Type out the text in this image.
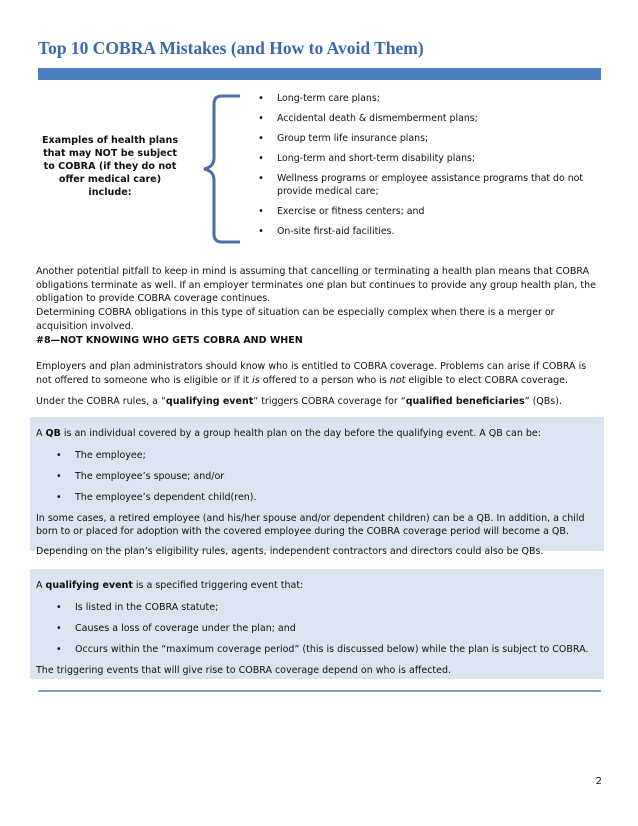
Top 10 COBRA Mistakes (and How to Avoid Them)
Examples of health plans that may NOT be subject to COBRA (if they do not offer medical care) include:
• Long-term care plans;
• Accidental death & dismemberment plans;
• Group term life insurance plans;
• Long-term and short-term disability plans;
• Wellness programs or employee assistance programs that do not provide medical care;
• Exercise or fitness centers; and
• On-site first-aid facilities.

Another potential pitfall to keep in mind is assuming that cancelling or terminating a health plan means that COBRA obligations terminate as well. If an employer terminates one plan but continues to provide any group health plan, the obligation to provide COBRA coverage continues.

Determining COBRA obligations in this type of situation can be especially complex when there is a merger or acquisition involved.

#8—NOT KNOWING WHO GETS COBRA AND WHEN

Employers and plan administrators should know who is entitled to COBRA coverage. Problems can arise if COBRA is not offered to someone who is eligible or if it is offered to a person who is not eligible to elect COBRA coverage.

Under the COBRA rules, a “qualifying event” triggers COBRA coverage for “qualified beneficiaries” (QBs).

A QB is an individual covered by a group health plan on the day before the qualifying event. A QB can be:

• The employee;
• The employee’s spouse; and/or
• The employee’s dependent child(ren).

In some cases, a retired employee (and his/her spouse and/or dependent children) can be a QB. In addition, a child born to or placed for adoption with the covered employee during the COBRA coverage period will become a QB.

Depending on the plan’s eligibility rules, agents, independent contractors and directors could also be QBs.

A qualifying event is a specified triggering event that:

• Is listed in the COBRA statute;
• Causes a loss of coverage under the plan; and
• Occurs within the “maximum coverage period” (this is discussed below) while the plan is subject to COBRA.

The triggering events that will give rise to COBRA coverage depend on who is affected.

2
